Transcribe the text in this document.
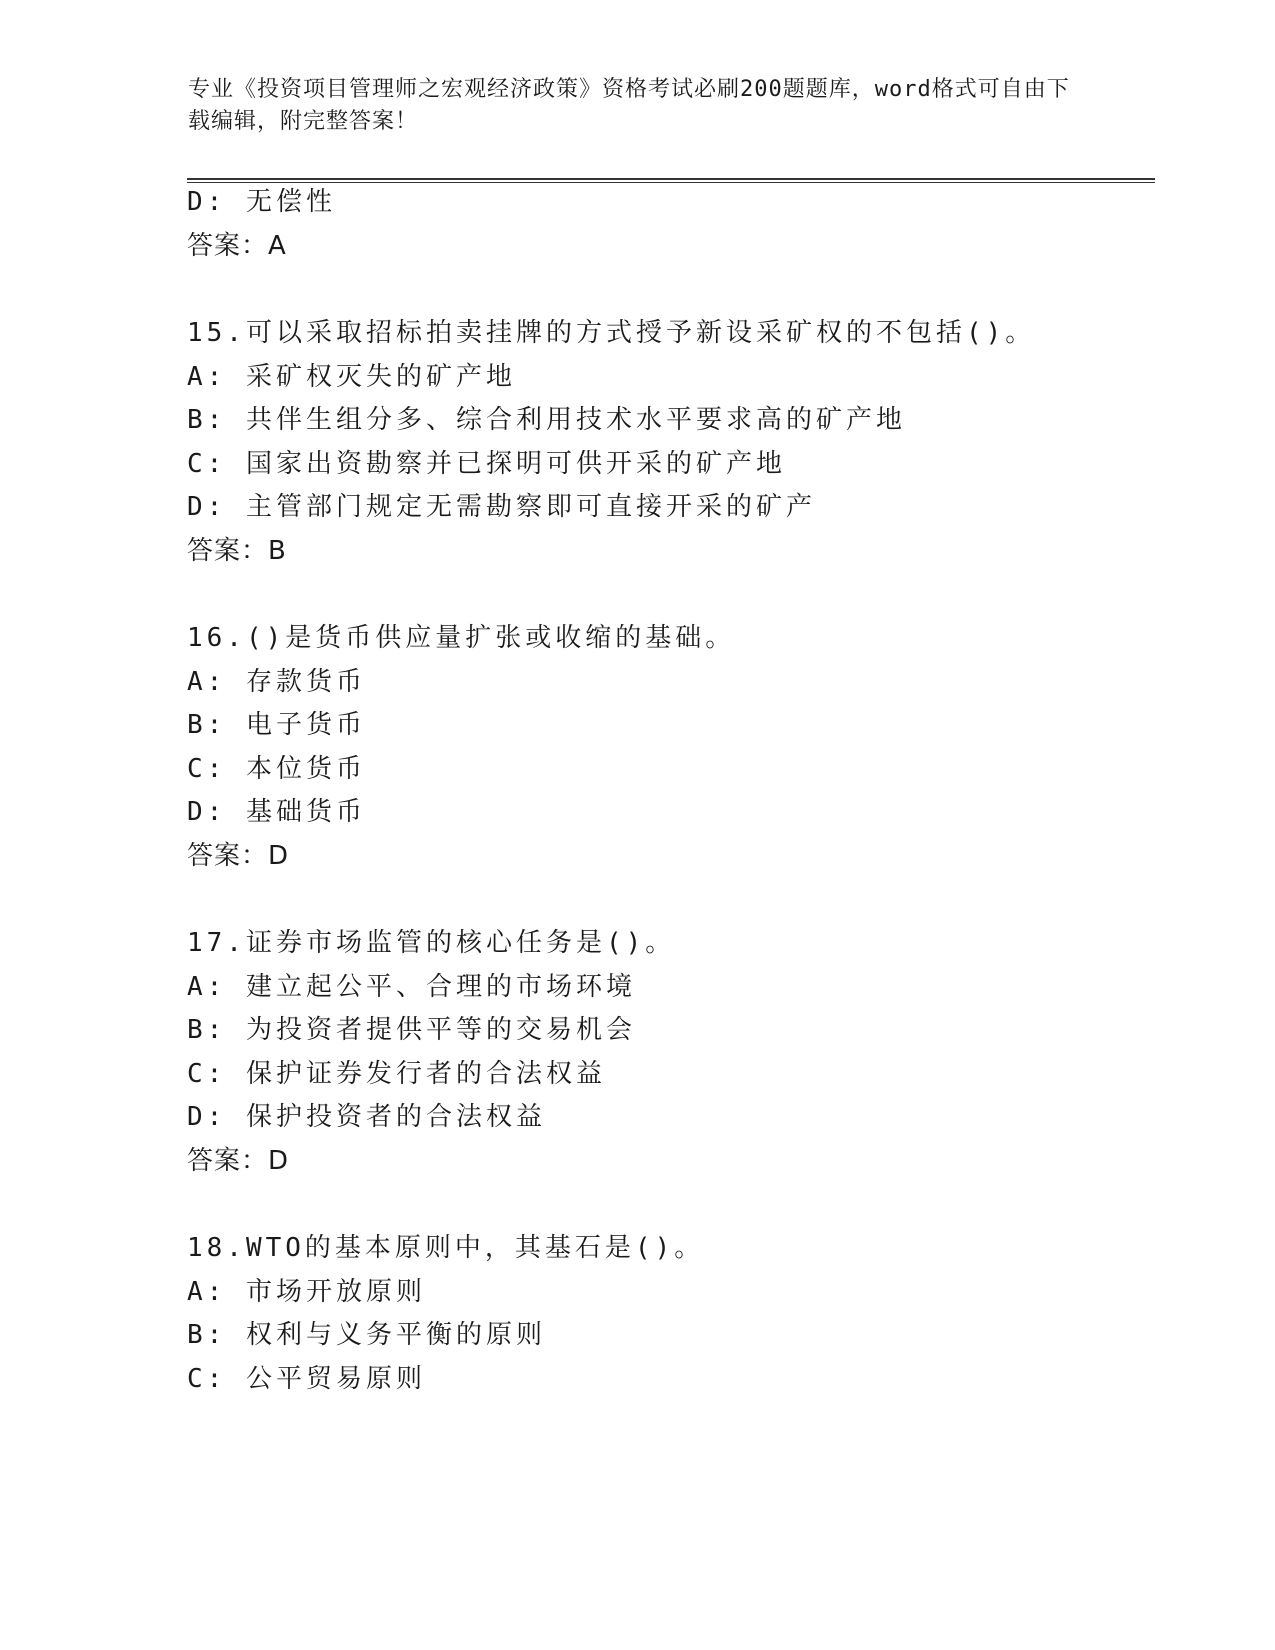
专业《投资项目管理师之宏观经济政策》资格考试必刷200题题库，word格式可自由下载编辑，附完整答案！
D: 无偿性
答案：A
15.可以采取招标拍卖挂牌的方式授予新设采矿权的不包括()。
A: 采矿权灭失的矿产地
B: 共伴生组分多、综合利用技术水平要求高的矿产地
C: 国家出资勘察并已探明可供开采的矿产地
D: 主管部门规定无需勘察即可直接开采的矿产
答案：B
16.()是货币供应量扩张或收缩的基础。
A: 存款货币
B: 电子货币
C: 本位货币
D: 基础货币
答案：D
17.证券市场监管的核心任务是()。
A: 建立起公平、合理的市场环境
B: 为投资者提供平等的交易机会
C: 保护证券发行者的合法权益
D: 保护投资者的合法权益
答案：D
18.WTO的基本原则中，其基石是()。
A: 市场开放原则
B: 权利与义务平衡的原则
C: 公平贸易原则
